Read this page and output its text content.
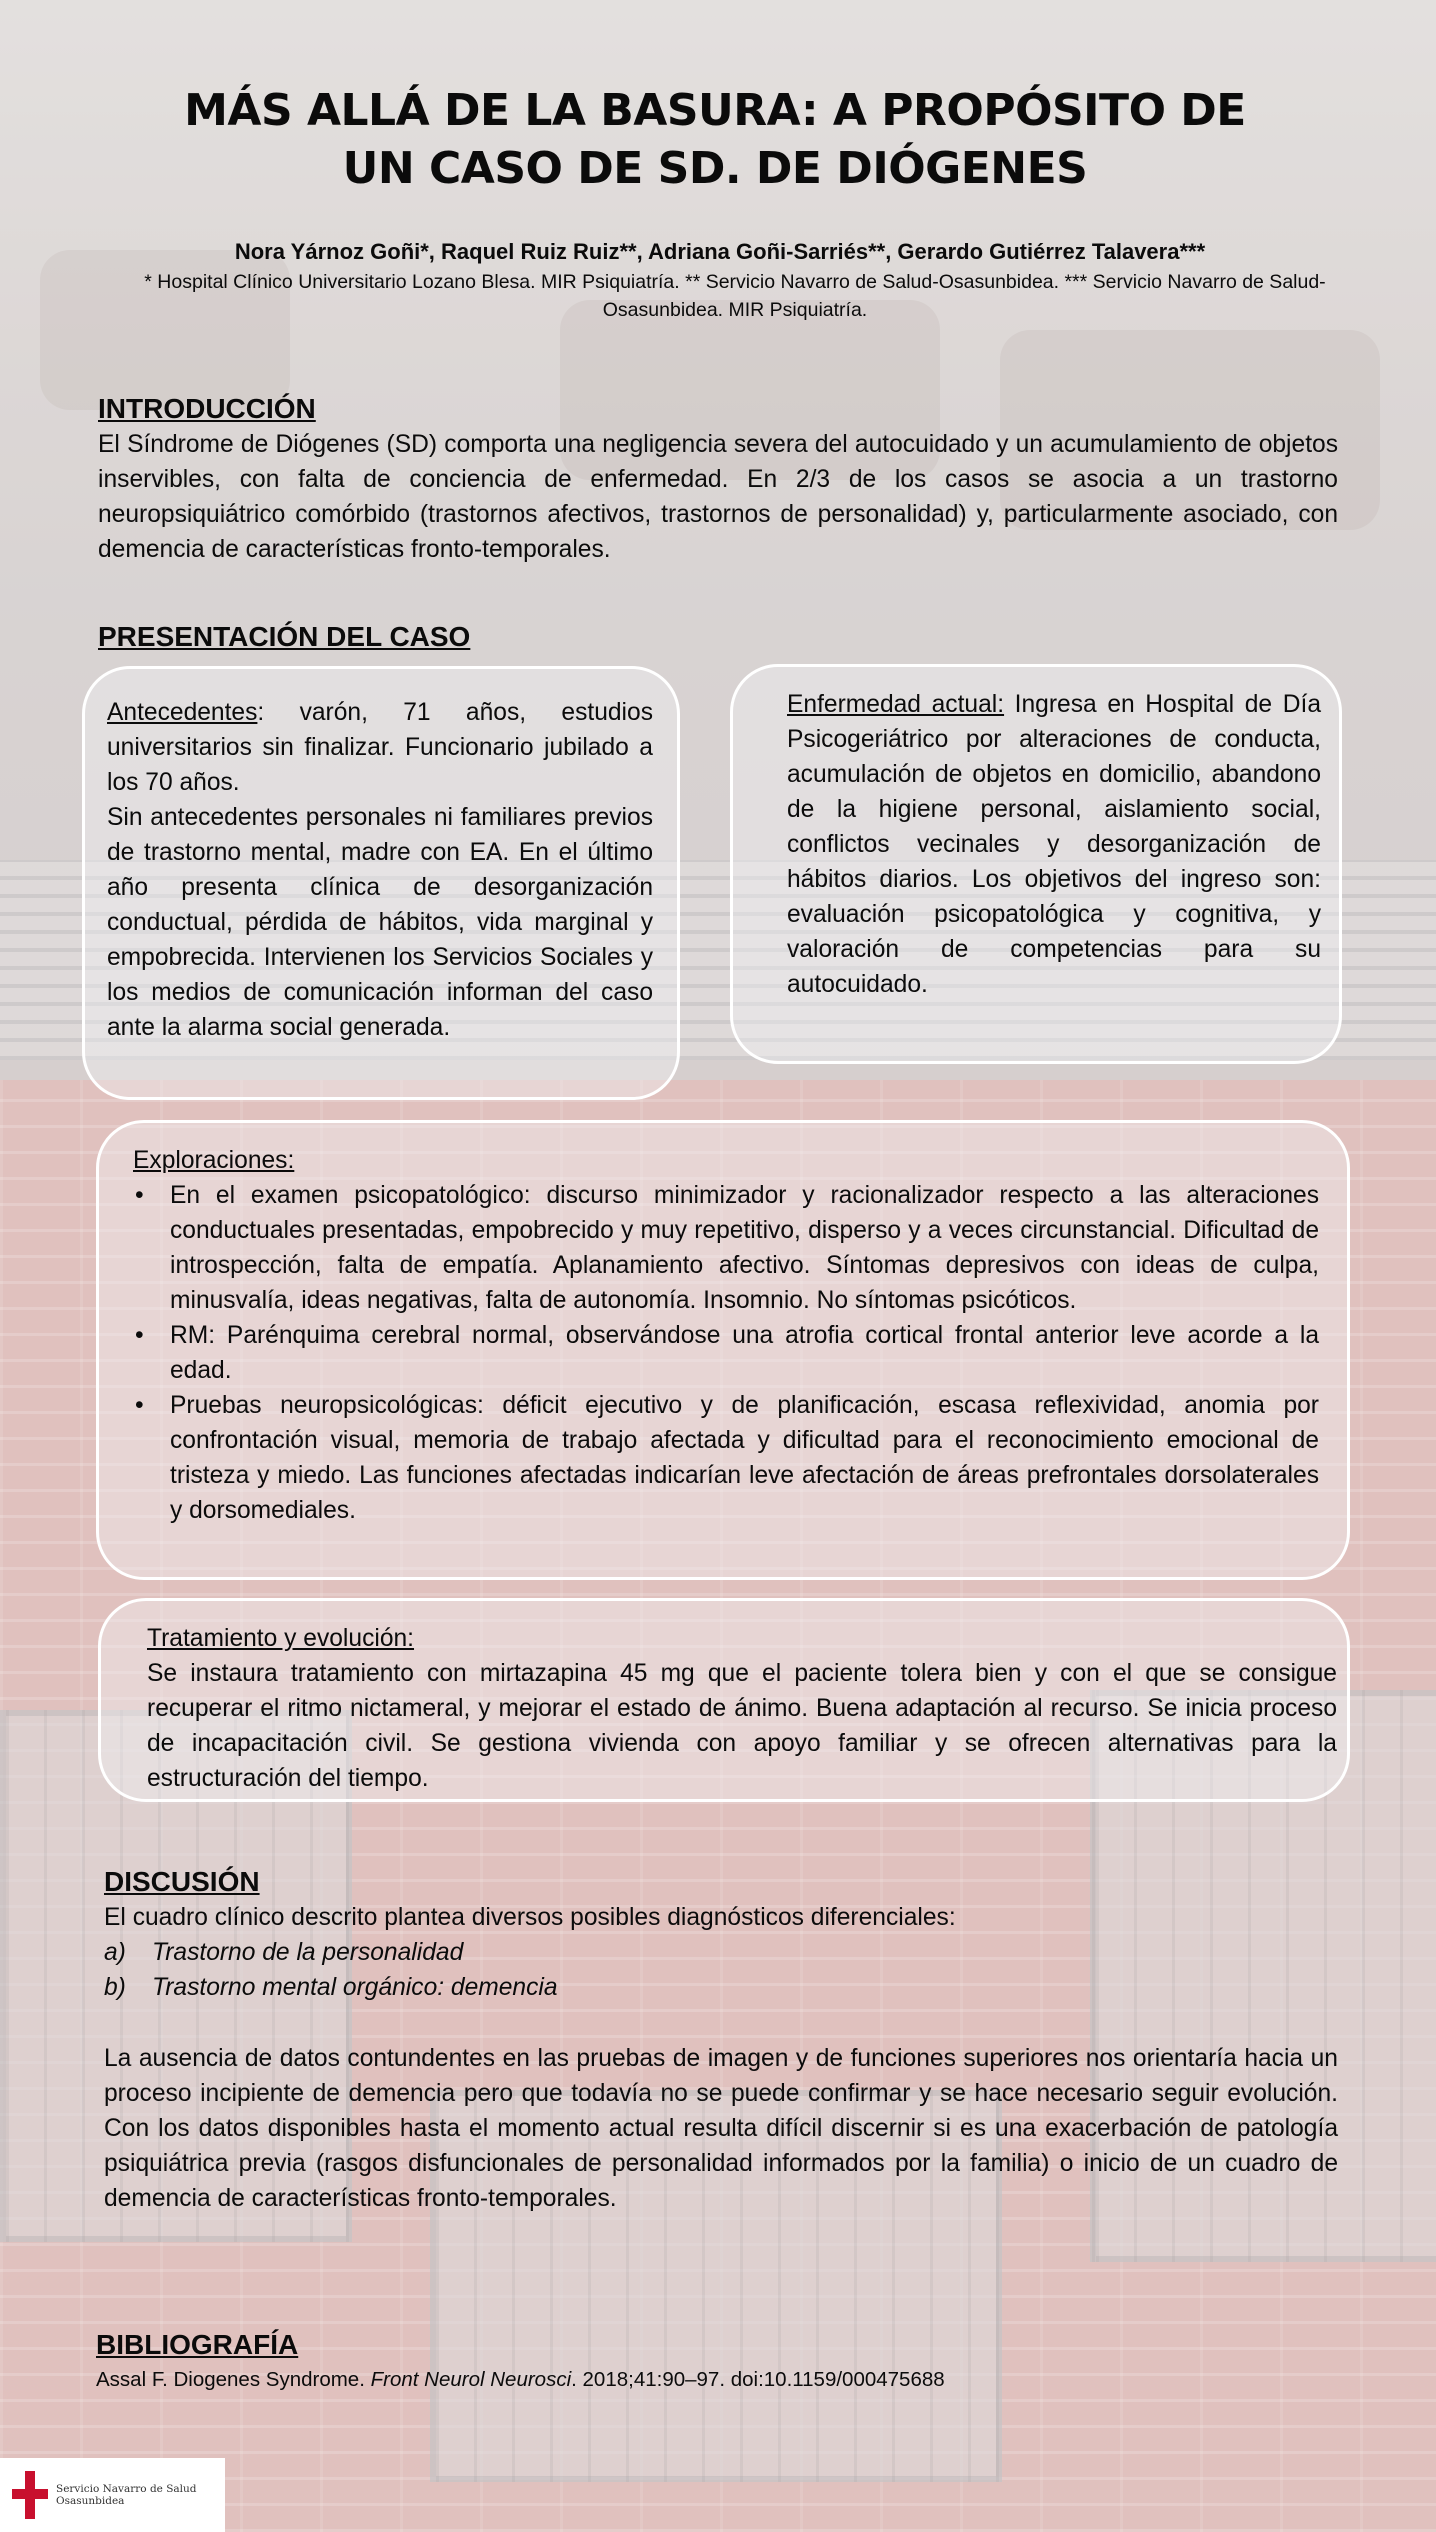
MÁS ALLÁ DE LA BASURA: A PROPÓSITO DE
UN CASO DE SD. DE DIÓGENES

Nora Yárnoz Goñi*, Raquel Ruiz Ruiz**, Adriana Goñi-Sarriés**, Gerardo Gutiérrez Talavera***

* Hospital Clínico Universitario Lozano Blesa. MIR Psiquiatría. ** Servicio Navarro de Salud-Osasunbidea. *** Servicio Navarro de Salud-Osasunbidea. MIR Psiquiatría.

INTRODUCCIÓN

El Síndrome de Diógenes (SD) comporta una negligencia severa del autocuidado y un acumulamiento de objetos inservibles, con falta de conciencia de enfermedad. En 2/3 de los casos se asocia a un trastorno neuropsiquiátrico comórbido (trastornos afectivos, trastornos de personalidad) y, particularmente asociado, con demencia de características fronto-temporales.

PRESENTACIÓN DEL CASO

Antecedentes: varón, 71 años, estudios universitarios sin finalizar. Funcionario jubilado a los 70 años.

Sin antecedentes personales ni familiares previos de trastorno mental, madre con EA. En el último año presenta clínica de desorganización conductual, pérdida de hábitos, vida marginal y empobrecida. Intervienen los Servicios Sociales y los medios de comunicación informan del caso ante la alarma social generada.

Enfermedad actual: Ingresa en Hospital de Día Psicogeriátrico por alteraciones de conducta, acumulación de objetos en domicilio, abandono de la higiene personal, aislamiento social, conflictos vecinales y desorganización de hábitos diarios. Los objetivos del ingreso son: evaluación psicopatológica y cognitiva, y valoración de competencias para su autocuidado.

Exploraciones:

• En el examen psicopatológico: discurso minimizador y racionalizador respecto a las alteraciones conductuales presentadas, empobrecido y muy repetitivo, disperso y a veces circunstancial. Dificultad de introspección, falta de empatía. Aplanamiento afectivo. Síntomas depresivos con ideas de culpa, minusvalía, ideas negativas, falta de autonomía. Insomnio. No síntomas psicóticos.
• RM: Parénquima cerebral normal, observándose una atrofia cortical frontal anterior leve acorde a la edad.
• Pruebas neuropsicológicas: déficit ejecutivo y de planificación, escasa reflexividad, anomia por confrontación visual, memoria de trabajo afectada y dificultad para el reconocimiento emocional de tristeza y miedo. Las funciones afectadas indicarían leve afectación de áreas prefrontales dorsolaterales y dorsomediales.

Tratamiento y evolución:

Se instaura tratamiento con mirtazapina 45 mg que el paciente tolera bien y con el que se consigue recuperar el ritmo nictameral, y mejorar el estado de ánimo. Buena adaptación al recurso. Se inicia proceso de incapacitación civil. Se gestiona vivienda con apoyo familiar y se ofrecen alternativas para la estructuración del tiempo.

DISCUSIÓN

El cuadro clínico descrito plantea diversos posibles diagnósticos diferenciales:

a)	Trastorno de la personalidad
b)	Trastorno mental orgánico: demencia

La ausencia de datos contundentes en las pruebas de imagen y de funciones superiores nos orientaría hacia un proceso incipiente de demencia pero que todavía no se puede confirmar y se hace necesario seguir evolución. Con los datos disponibles hasta el momento actual resulta difícil discernir si es una exacerbación de patología psiquiátrica previa (rasgos disfuncionales de personalidad informados por la familia) o inicio de un cuadro de demencia de características fronto-temporales.

BIBLIOGRAFÍA

Assal F. Diogenes Syndrome. Front Neurol Neurosci. 2018;41:90–97. doi:10.1159/000475688

Servicio Navarro de Salud
Osasunbidea
